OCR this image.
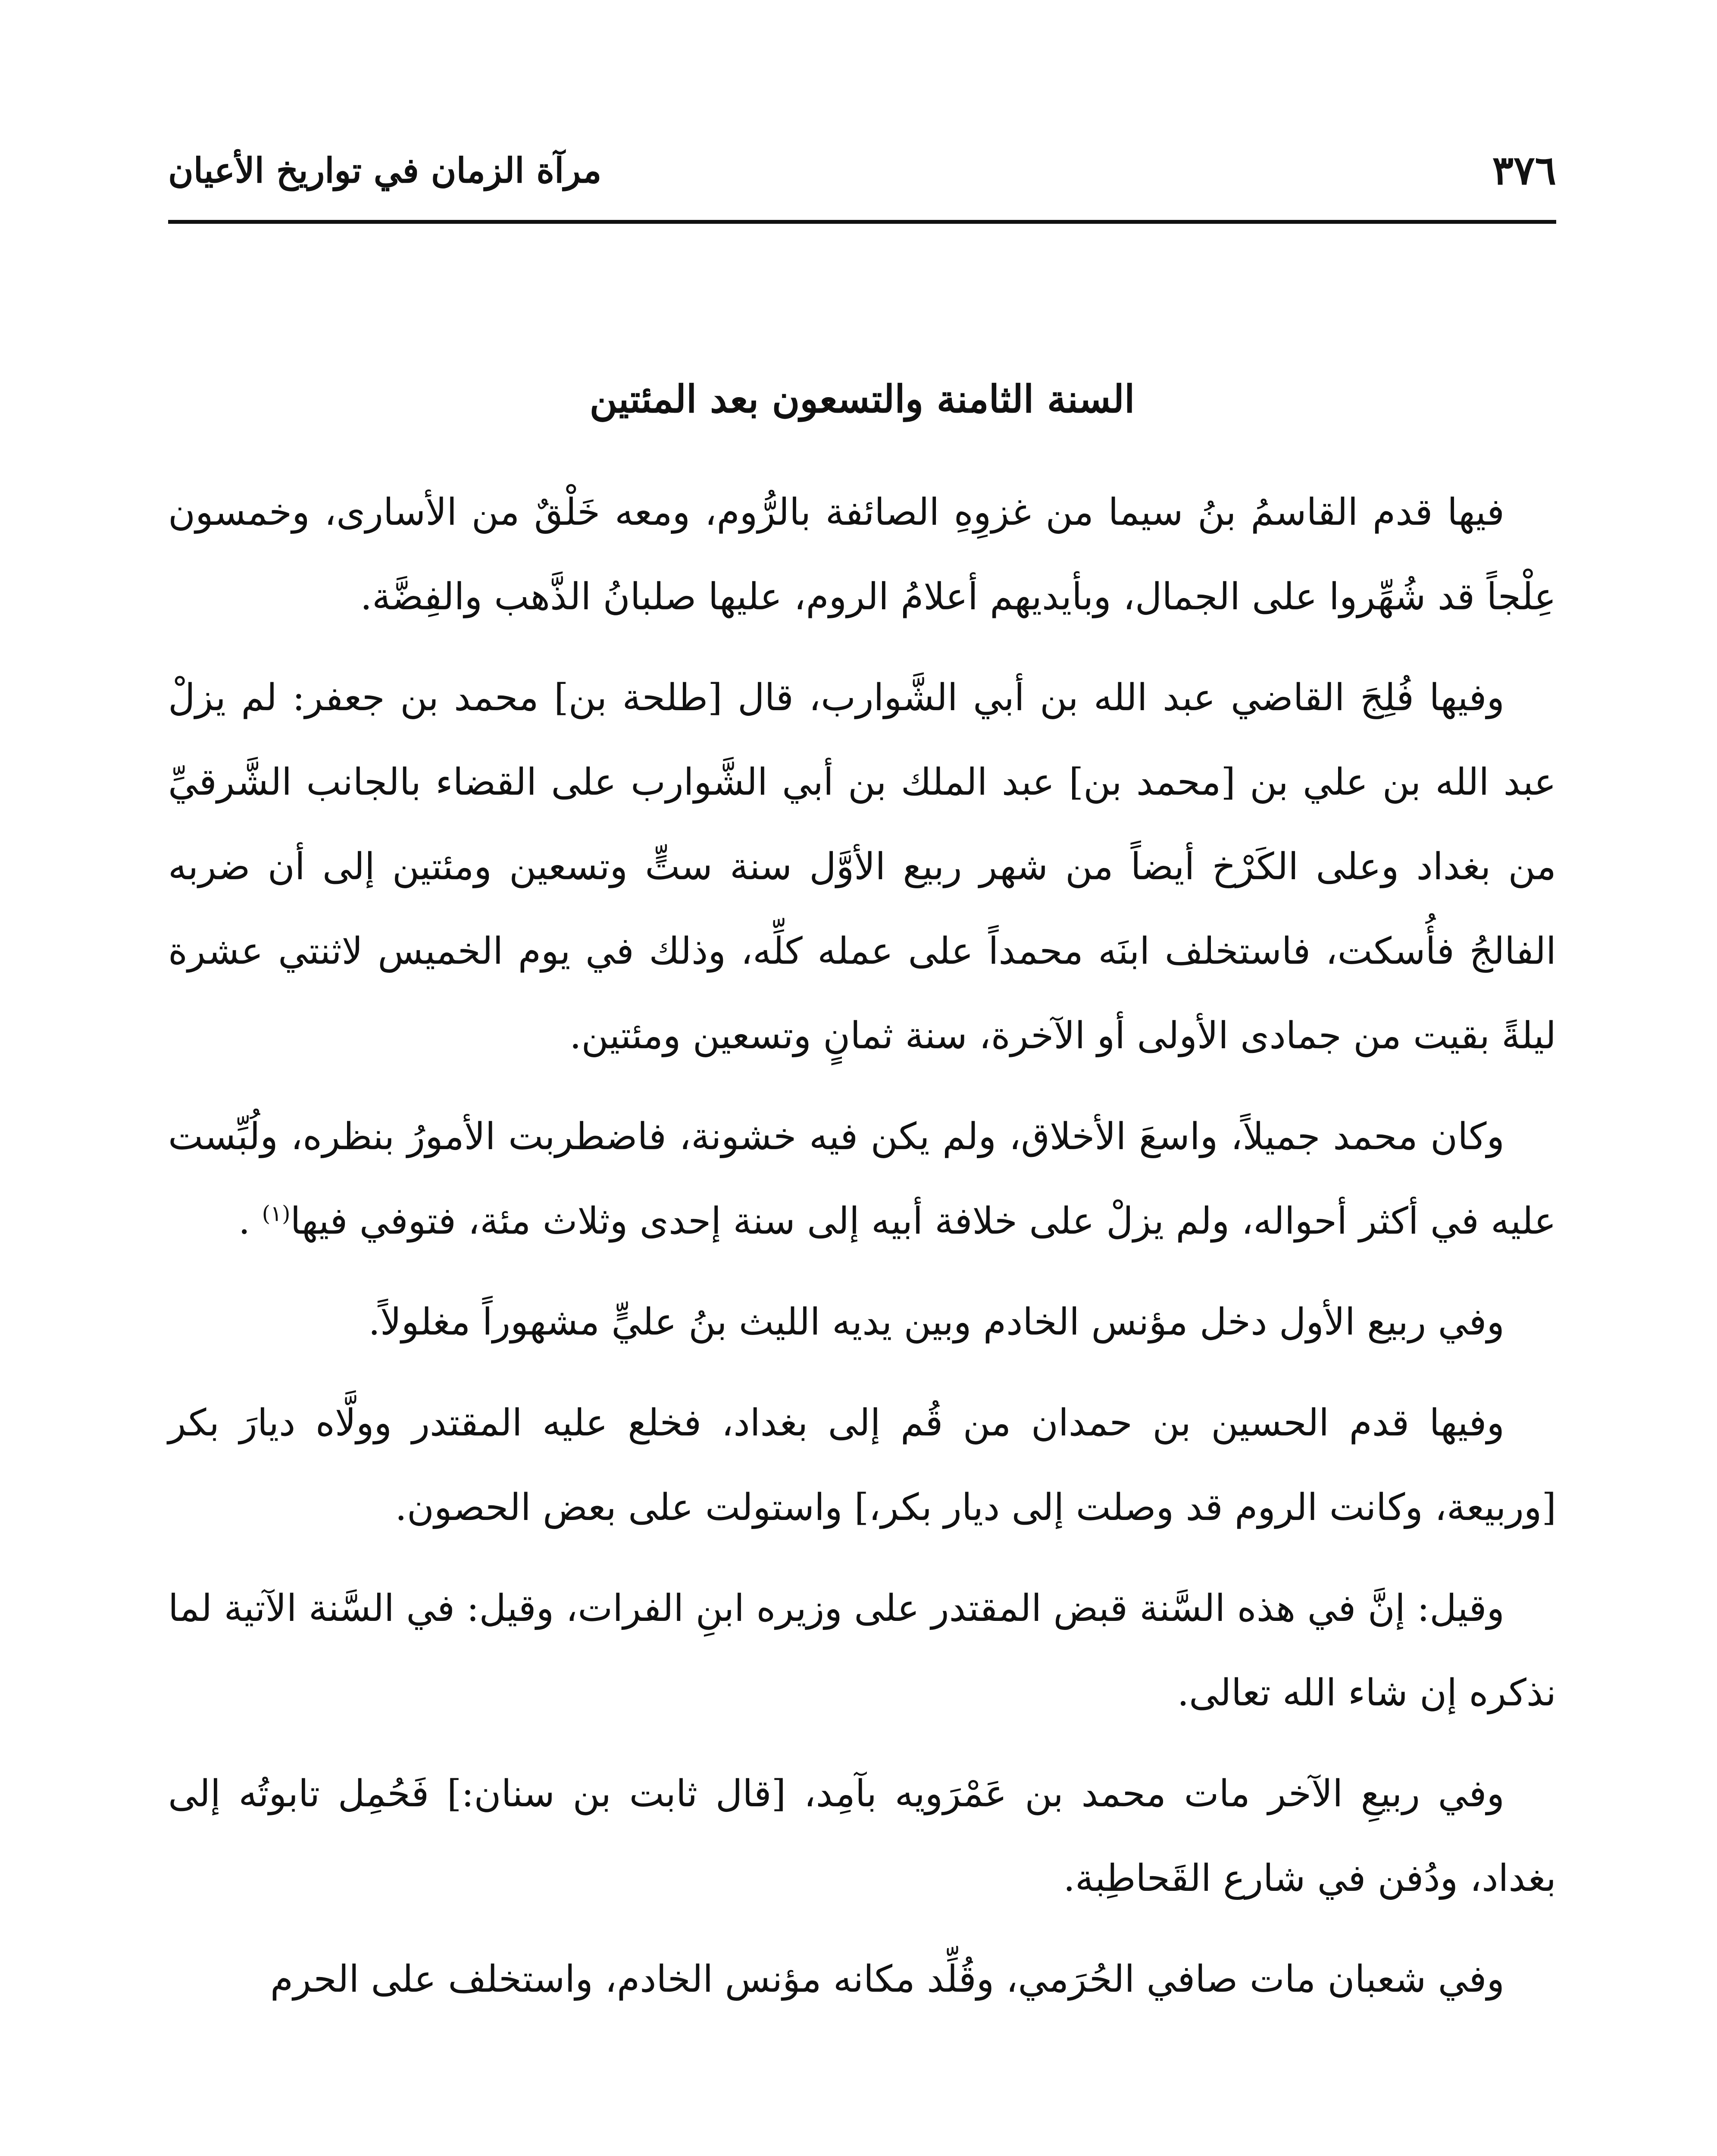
٣٧٦
مرآة الزمان في تواريخ الأعيان
السنة الثامنة والتسعون بعد المئتين

فيها قدم القاسمُ بنُ سيما من غزوِهِ الصائفة بالرُّوم، ومعه خَلْقٌ من الأسارى، وخمسون عِلْجاً قد شُهِّروا على الجمال، وبأيديهم أعلامُ الروم، عليها صلبانُ الذَّهب والفِضَّة.

وفيها فُلِجَ القاضي عبد الله بن أبي الشَّوارب، قال [طلحة بن] محمد بن جعفر: لم يزلْ عبد الله بن علي بن [محمد بن] عبد الملك بن أبي الشَّوارب على القضاء بالجانب الشَّرقيِّ من بغداد وعلى الكَرْخ أيضاً من شهر ربيع الأوَّل سنة ستٍّ وتسعين ومئتين إلى أن ضربه الفالجُ فأُسكت، فاستخلف ابنَه محمداً على عمله كلِّه، وذلك في يوم الخميس لاثنتي عشرة ليلةً بقيت من جمادى الأولى أو الآخرة، سنة ثمانٍ وتسعين ومئتين.

وكان محمد جميلاً، واسعَ الأخلاق، ولم يكن فيه خشونة، فاضطربت الأمورُ بنظره، ولُبِّست عليه في أكثر أحواله، ولم يزلْ على خلافة أبيه إلى سنة إحدى وثلاث مئة، فتوفي فيها$^{(١)}$ .

وفي ربيع الأول دخل مؤنس الخادم وبين يديه الليث بنُ عليٍّ مشهوراً مغلولاً.

وفيها قدم الحسين بن حمدان من قُم إلى بغداد، فخلع عليه المقتدر وولَّاه ديارَ بكر [وربيعة، وكانت الروم قد وصلت إلى ديار بكر،] واستولت على بعض الحصون.

وقيل: إنَّ في هذه السَّنة قبض المقتدر على وزيره ابنِ الفرات، وقيل: في السَّنة الآتية لما نذكره إن شاء الله تعالى.

وفي ربيعِ الآخر مات محمد بن عَمْرَويه بآمِد، [قال ثابت بن سنان:] فَحُمِل تابوتُه إلى بغداد، ودُفن في شارع القَحاطِبة.

وفي شعبان مات صافي الحُرَمي، وقُلِّد مكانه مؤنس الخادم، واستخلف على الحرم
